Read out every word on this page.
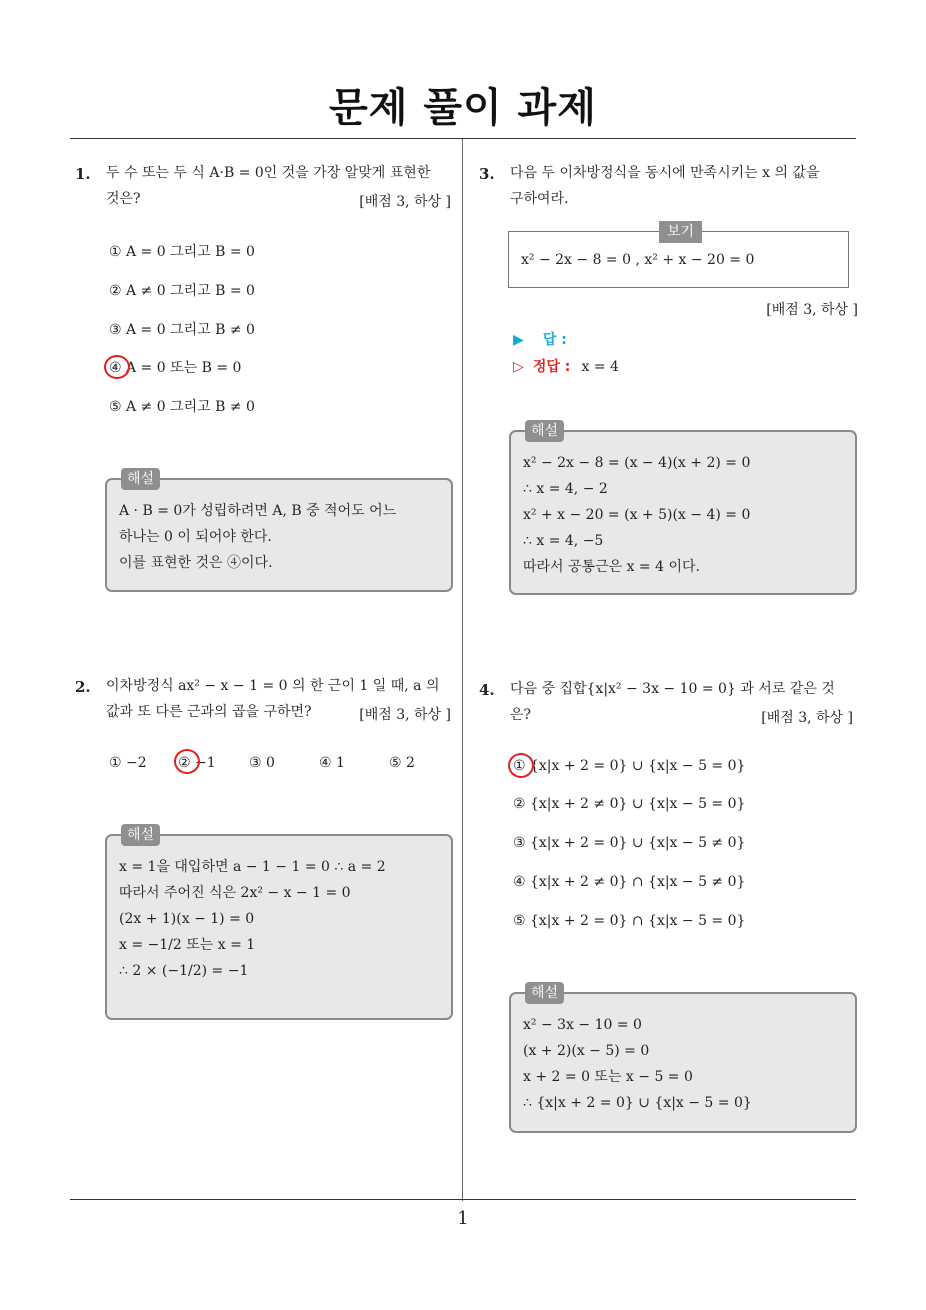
문제 풀이 과제
1
1. 두 수 또는 두 식 A·B = 0인 것을 가장 알맞게 표현한
것은?	[배점 3, 하상 ]
① A = 0 그리고 B = 0
② A ≠ 0 그리고 B = 0
③ A = 0 그리고 B ≠ 0
④ A = 0 또는 B = 0
⑤ A ≠ 0 그리고 B ≠ 0
해설
A · B = 0가 성립하려면 A, B 중 적어도 어느
하나는 0 이 되어야 한다.
이를 표현한 것은 ④이다.
2. 이차방정식 ax² − x − 1 = 0 의 한 근이 1 일 때, a 의
값과 또 다른 근과의 곱을 구하면?	[배점 3, 하상 ]
① −2 ② −1 ③ 0	④ 1	⑤ 2
해설
x = 1을 대입하면 a − 1 − 1 = 0 ∴ a = 2
따라서 주어진 식은 2x² − x − 1 = 0
(2x + 1)(x − 1) = 0
x = −1/2 또는 x = 1
∴ 2 × (−1/2) = −1
3. 다음 두 이차방정식을 동시에 만족시키는 x 의 값을
구하여라.
보기
x² − 2x − 8 = 0 , x² + x − 20 = 0
[배점 3, 하상 ]
▶ 답 :
▷ 정답 : x = 4
해설
x² − 2x − 8 = (x − 4)(x + 2) = 0
∴ x = 4, − 2
x² + x − 20 = (x + 5)(x − 4) = 0
∴ x = 4, −5
따라서 공통근은 x = 4 이다.
4. 다음 중 집합{x|x² − 3x − 10 = 0} 과 서로 같은 것
은?	[배점 3, 하상 ]
① {x|x + 2 = 0} ∪ {x|x − 5 = 0}
② {x|x + 2 ≠ 0} ∪ {x|x − 5 = 0}
③ {x|x + 2 = 0} ∪ {x|x − 5 ≠ 0}
④ {x|x + 2 ≠ 0} ∩ {x|x − 5 ≠ 0}
⑤ {x|x + 2 = 0} ∩ {x|x − 5 = 0}
해설
x² − 3x − 10 = 0
(x + 2)(x − 5) = 0
x + 2 = 0 또는 x − 5 = 0
∴ {x|x + 2 = 0} ∪ {x|x − 5 = 0}
